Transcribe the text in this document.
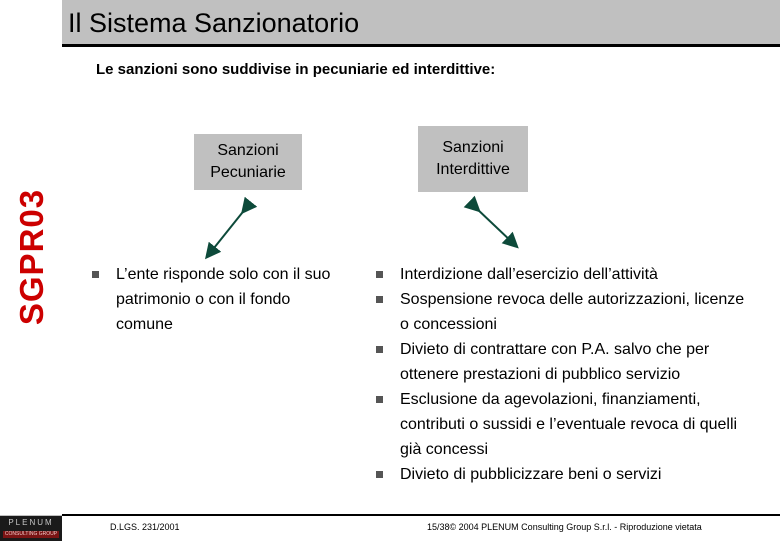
Il Sistema Sanzionatorio
SGPR03
Le sanzioni sono suddivise in pecuniarie ed interdittive:
Sanzioni Pecuniarie
Sanzioni Interdittive
L’ente risponde solo con il suo patrimonio o con il fondo comune
Interdizione dall’esercizio dell’attività
Sospensione revoca delle autorizzazioni, licenze o concessioni
Divieto di contrattare con P.A. salvo che per ottenere prestazioni di pubblico servizio
Esclusione da agevolazioni, finanziamenti, contributi o sussidi e l’eventuale revoca di quelli già concessi
Divieto di pubblicizzare beni o servizi
D.LGS. 231/2001	15/38© 2004 PLENUM Consulting Group S.r.l. - Riproduzione vietata
PLENUM
CONSULTING GROUP
